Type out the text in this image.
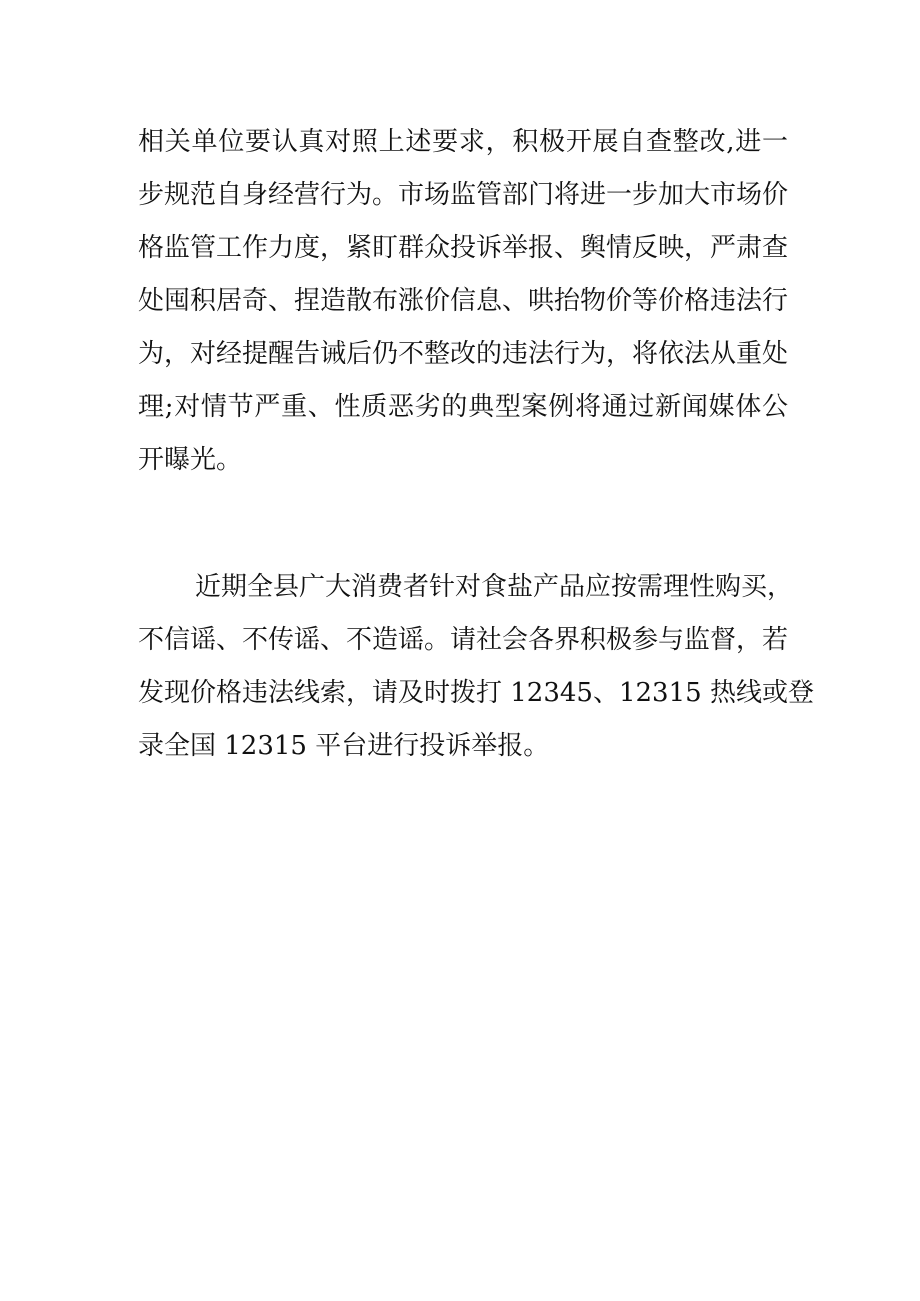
相关单位要认真对照上述要求，积极开展自查整改,进一
步规范自身经营行为。市场监管部门将进一步加大市场价
格监管工作力度，紧盯群众投诉举报、舆情反映，严肃查
处囤积居奇、捏造散布涨价信息、哄抬物价等价格违法行
为，对经提醒告诫后仍不整改的违法行为，将依法从重处
理;对情节严重、性质恶劣的典型案例将通过新闻媒体公
开曝光。
近期全县广大消费者针对食盐产品应按需理性购买，
不信谣、不传谣、不造谣。请社会各界积极参与监督，若
发现价格违法线索，请及时拨打 12345、12315 热线或登
录全国 12315 平台进行投诉举报。
